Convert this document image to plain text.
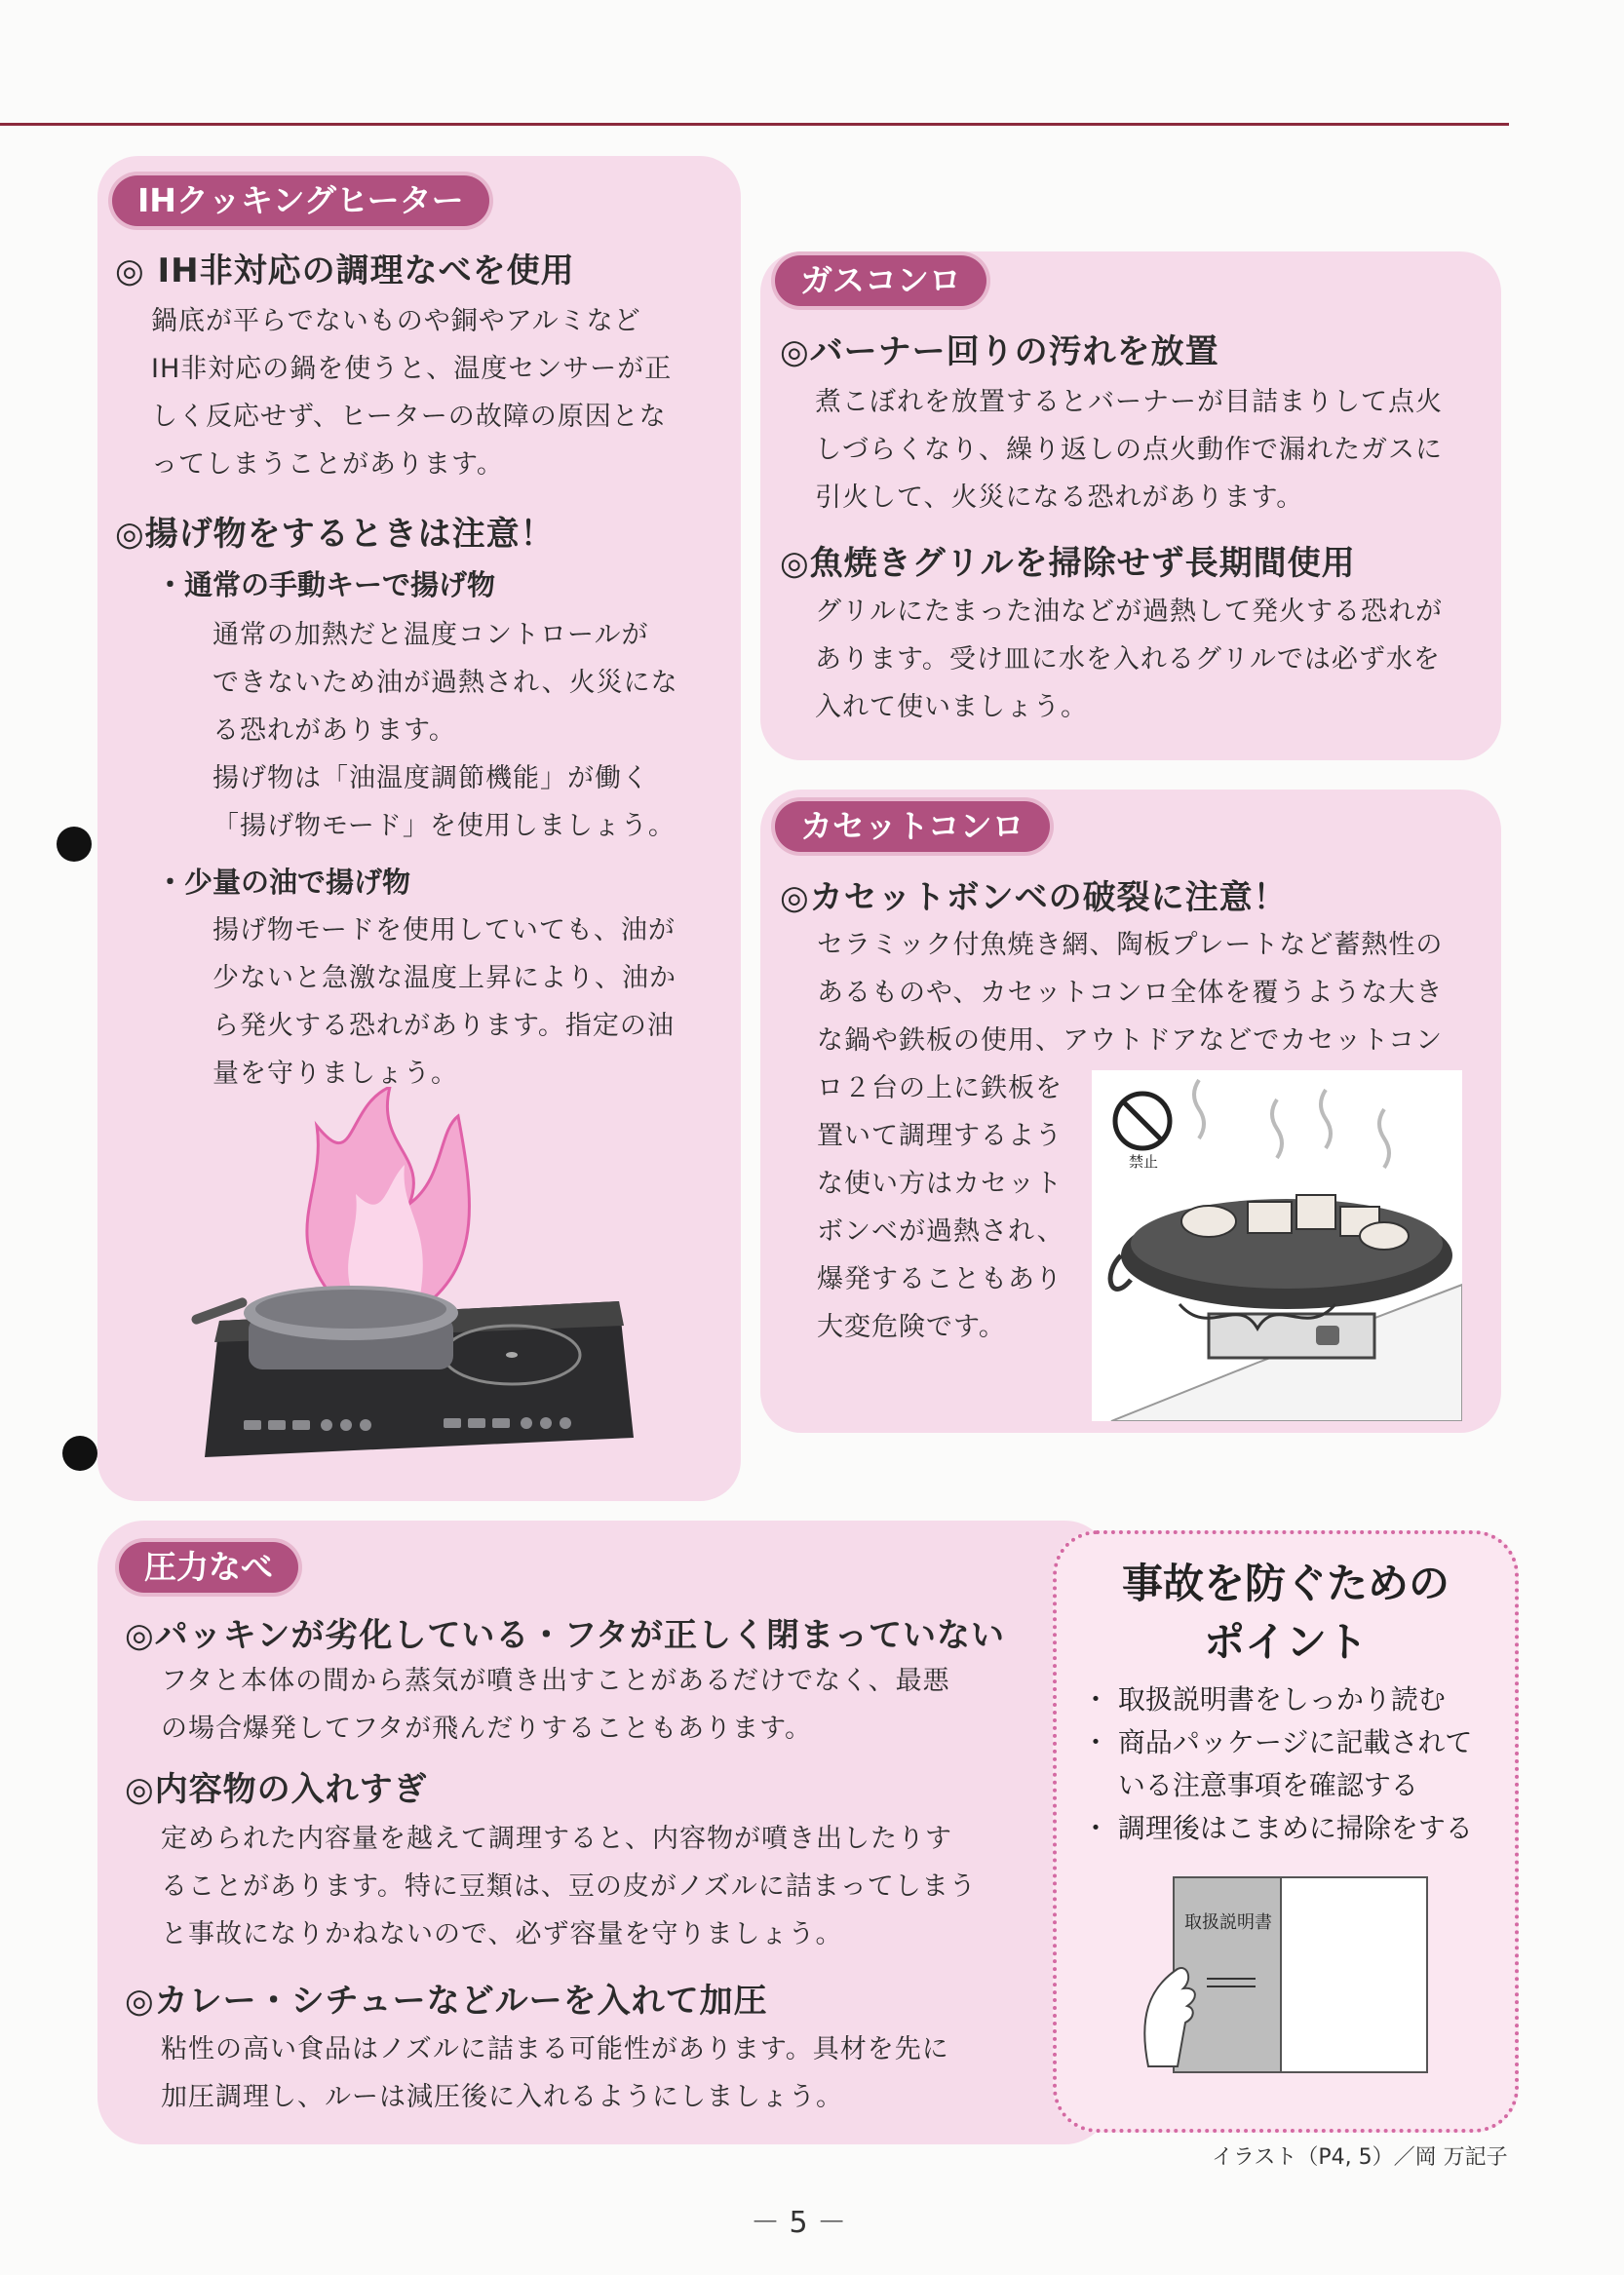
IHクッキングヒーター
◎ IH非対応の調理なべを使用
鍋底が平らでないものや銅やアルミなど
IH非対応の鍋を使うと、温度センサーが正
しく反応せず、ヒーターの故障の原因とな
ってしまうことがあります。
◎揚げ物をするときは注意！
・通常の手動キーで揚げ物
通常の加熱だと温度コントロールが
できないため油が過熱され、火災にな
る恐れがあります。
揚げ物は「油温度調節機能」が働く
「揚げ物モード」を使用しましょう。
・少量の油で揚げ物
揚げ物モードを使用していても、油が
少ないと急激な温度上昇により、油か
ら発火する恐れがあります。指定の油
量を守りましょう。
ガスコンロ
◎バーナー回りの汚れを放置
煮こぼれを放置するとバーナーが目詰まりして点火
しづらくなり、繰り返しの点火動作で漏れたガスに
引火して、火災になる恐れがあります。
◎魚焼きグリルを掃除せず長期間使用
グリルにたまった油などが過熱して発火する恐れが
あります。受け皿に水を入れるグリルでは必ず水を
入れて使いましょう。
カセットコンロ
◎カセットボンベの破裂に注意！
セラミック付魚焼き網、陶板プレートなど蓄熱性の
あるものや、カセットコンロ全体を覆うような大き
な鍋や鉄板の使用、アウトドアなどでカセットコン
ロ２台の上に鉄板を
置いて調理するよう
な使い方はカセット
ボンベが過熱され、
爆発することもあり
大変危険です。
禁止
圧力なべ
◎パッキンが劣化している・フタが正しく閉まっていない
フタと本体の間から蒸気が噴き出すことがあるだけでなく、最悪
の場合爆発してフタが飛んだりすることもあります。
◎内容物の入れすぎ
定められた内容量を越えて調理すると、内容物が噴き出したりす
ることがあります。特に豆類は、豆の皮がノズルに詰まってしまう
と事故になりかねないので、必ず容量を守りましょう。
◎カレー・シチューなどルーを入れて加圧
粘性の高い食品はノズルに詰まる可能性があります。具材を先に
加圧調理し、ルーは減圧後に入れるようにしましょう。
事故を防ぐための
ポイント
・ 取扱説明書をしっかり読む
・ 商品パッケージに記載されて
　 いる注意事項を確認する
・ 調理後はこまめに掃除をする
取扱説明書
イラスト（P4, 5）／岡 万記子
－ 5 －
